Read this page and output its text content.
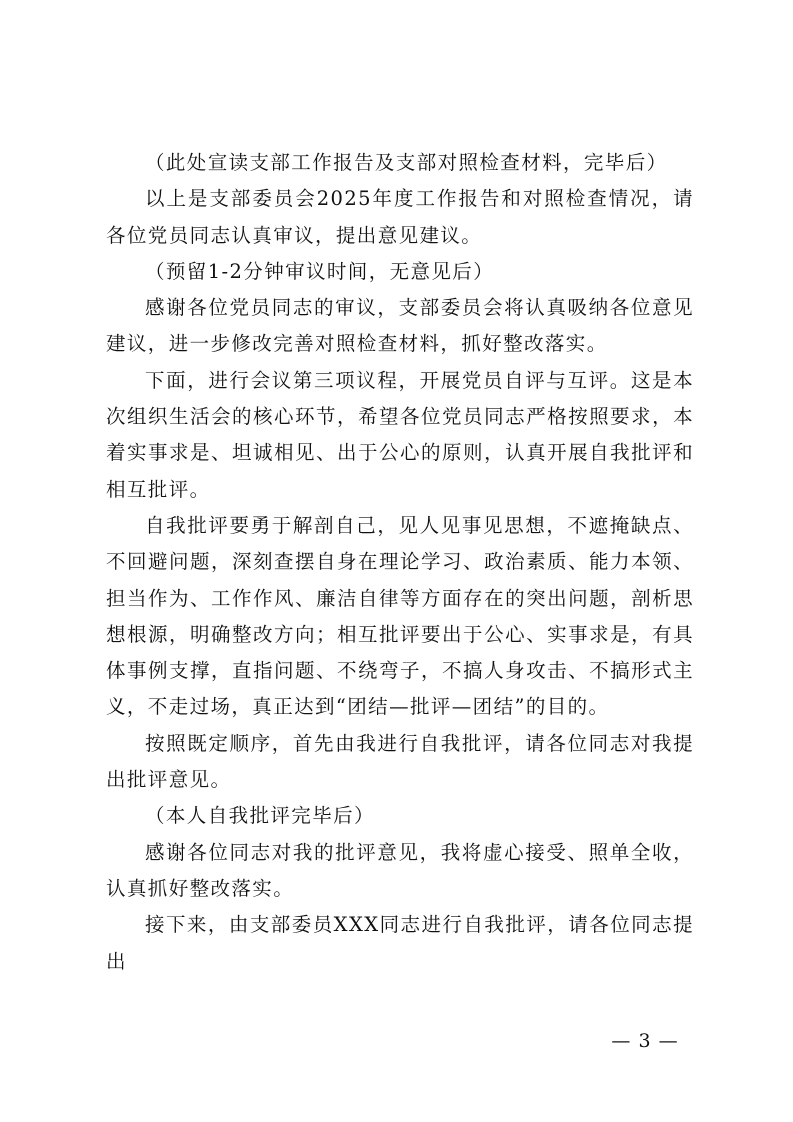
（此处宣读支部工作报告及支部对照检查材料，完毕后）

以上是支部委员会2025年度工作报告和对照检查情况，请各位党员同志认真审议，提出意见建议。

（预留1-2分钟审议时间，无意见后）

感谢各位党员同志的审议，支部委员会将认真吸纳各位意见建议，进一步修改完善对照检查材料，抓好整改落实。

下面，进行会议第三项议程，开展党员自评与互评。这是本次组织生活会的核心环节，希望各位党员同志严格按照要求，本着实事求是、坦诚相见、出于公心的原则，认真开展自我批评和相互批评。

自我批评要勇于解剖自己，见人见事见思想，不遮掩缺点、不回避问题，深刻查摆自身在理论学习、政治素质、能力本领、担当作为、工作作风、廉洁自律等方面存在的突出问题，剖析思想根源，明确整改方向；相互批评要出于公心、实事求是，有具体事例支撑，直指问题、不绕弯子，不搞人身攻击、不搞形式主义，不走过场，真正达到“团结—批评—团结”的目的。

按照既定顺序，首先由我进行自我批评，请各位同志对我提出批评意见。

（本人自我批评完毕后）

感谢各位同志对我的批评意见，我将虚心接受、照单全收，认真抓好整改落实。

接下来，由支部委员XXX同志进行自我批评，请各位同志提出

— 3 —
